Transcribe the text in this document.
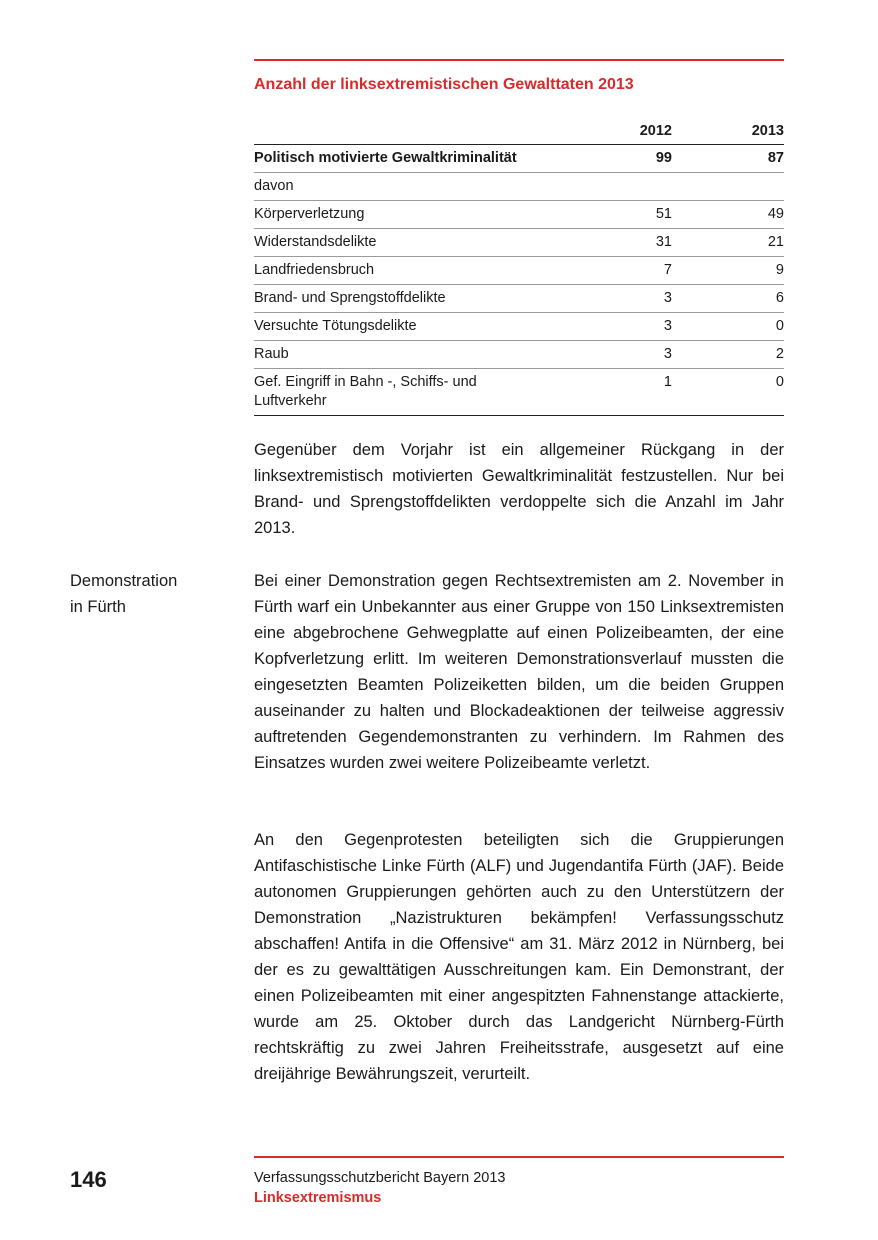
Anzahl der linksextremistischen Gewalttaten 2013
	2012	2013
Politisch motivierte Gewaltkriminalität	99	87
davon		
Körperverletzung	51	49
Widerstandsdelikte	31	21
Landfriedensbruch	7	9
Brand- und Sprengstoffdelikte	3	6
Versuchte Tötungsdelikte	3	0
Raub	3	2

Gef. Eingriff in Bahn -, Schiffs- und Luftverkehr	1	0

Gegenüber dem Vorjahr ist ein allgemeiner Rückgang in der linksextremistisch motivierten Gewaltkriminalität festzustellen. Nur bei Brand- und Sprengstoffdelikten verdoppelte sich die Anzahl im Jahr 2013.

Demonstration
in Fürth

Bei einer Demonstration gegen Rechtsextremisten am 2. November in Fürth warf ein Unbekannter aus einer Gruppe von 150 Linksextremisten eine abgebrochene Gehwegplatte auf einen Polizeibeamten, der eine Kopfverletzung erlitt. Im weiteren Demonstrationsverlauf mussten die eingesetzten Beamten Polizeiketten bilden, um die beiden Gruppen auseinander zu halten und Blockadeaktionen der teilweise aggressiv auftretenden Gegendemonstranten zu verhindern. Im Rahmen des Einsatzes wurden zwei weitere Polizeibeamte verletzt.

An den Gegenprotesten beteiligten sich die Gruppierungen Antifaschistische Linke Fürth (ALF) und Jugendantifa Fürth (JAF). Beide autonomen Gruppierungen gehörten auch zu den Unterstützern der Demonstration „Nazistrukturen bekämpfen! Verfassungsschutz abschaffen! Antifa in die Offensive“ am 31. März 2012 in Nürnberg, bei der es zu gewalttätigen Ausschreitungen kam. Ein Demonstrant, der einen Polizeibeamten mit einer angespitzten Fahnenstange attackierte, wurde am 25. Oktober durch das Landgericht Nürnberg-Fürth rechtskräftig zu zwei Jahren Freiheitsstrafe, ausgesetzt auf eine dreijährige Bewährungszeit, verurteilt.

146	Verfassungsschutzbericht Bayern 2013
Linksextremismus
